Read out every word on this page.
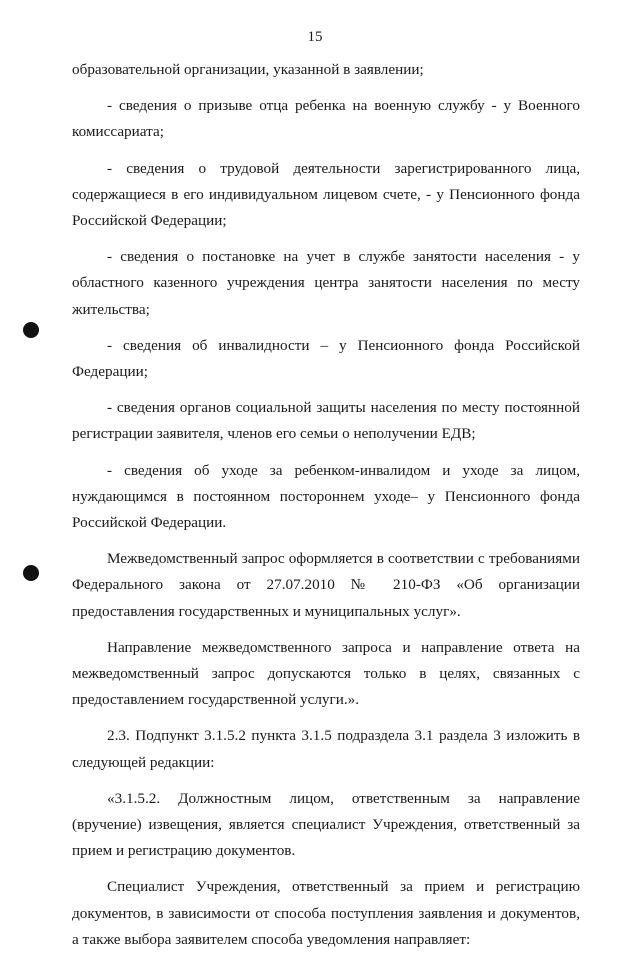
15

образовательной организации, указанной в заявлении;

- сведения о призыве отца ребенка на военную службу - у Военного комиссариата;

- сведения о трудовой деятельности зарегистрированного лица, содержащиеся в его индивидуальном лицевом счете, - у Пенсионного фонда Российской Федерации;

- сведения о постановке на учет в службе занятости населения - у областного казенного учреждения центра занятости населения по месту жительства;

- сведения об инвалидности – у Пенсионного фонда Российской Федерации;

- сведения органов социальной защиты населения по месту постоянной регистрации заявителя, членов его семьи о неполучении ЕДВ;

- сведения об уходе за ребенком-инвалидом и уходе за лицом, нуждающимся в постоянном постороннем уходе– у Пенсионного фонда Российской Федерации.

Межведомственный запрос оформляется в соответствии с требованиями Федерального закона от 27.07.2010 № 210-ФЗ «Об организации предоставления государственных и муниципальных услуг».

Направление межведомственного запроса и направление ответа на межведомственный запрос допускаются только в целях, связанных с предоставлением государственной услуги.».

2.3. Подпункт 3.1.5.2 пункта 3.1.5 подраздела 3.1 раздела 3 изложить в следующей редакции:

«3.1.5.2. Должностным лицом, ответственным за направление (вручение) извещения, является специалист Учреждения, ответственный за прием и регистрацию документов.

Специалист Учреждения, ответственный за прием и регистрацию документов, в зависимости от способа поступления заявления и документов, а также выбора заявителем способа уведомления направляет:
